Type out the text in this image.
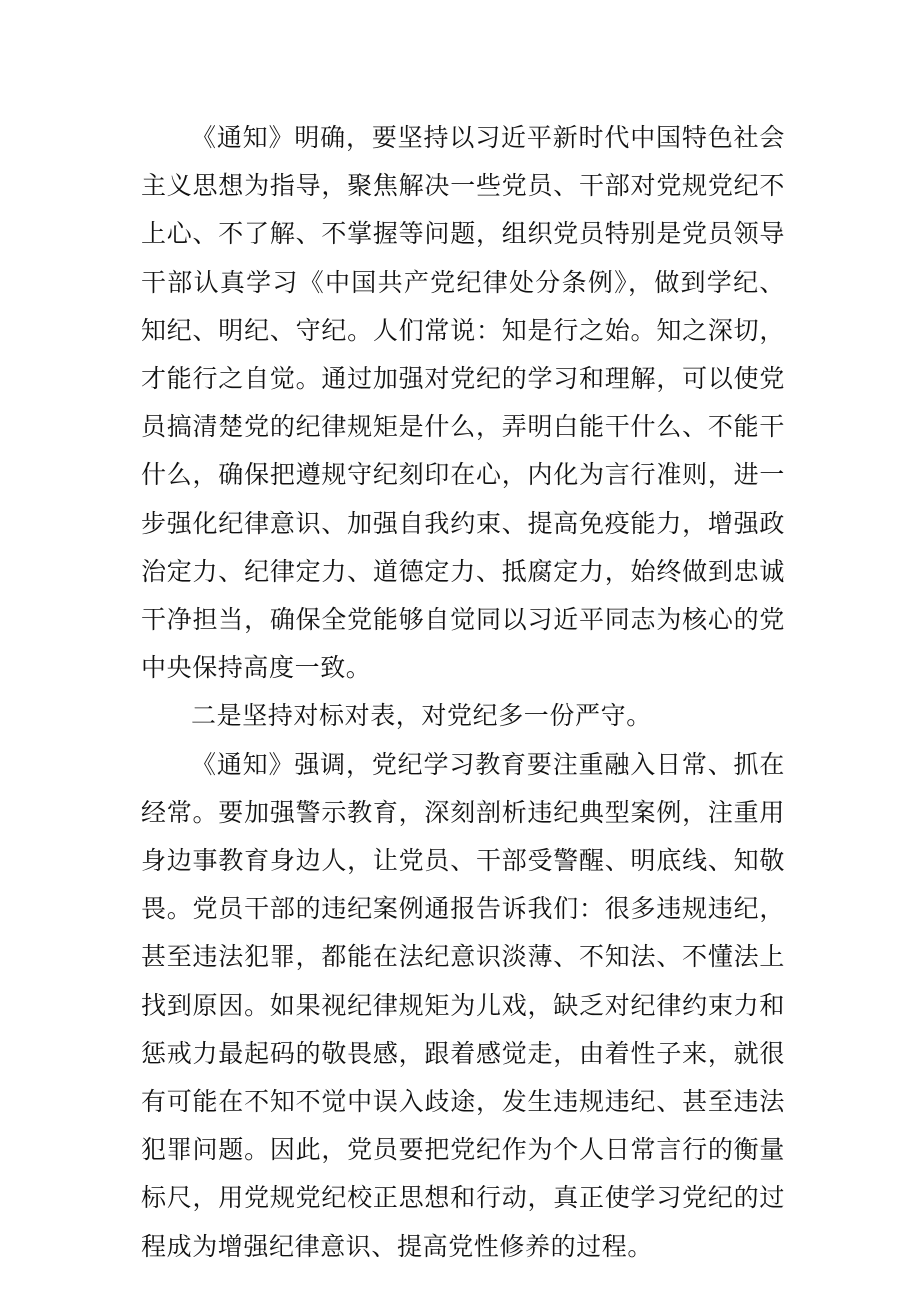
《通知》明确，要坚持以习近平新时代中国特色社会主义思想为指导，聚焦解决一些党员、干部对党规党纪不上心、不了解、不掌握等问题，组织党员特别是党员领导干部认真学习《中国共产党纪律处分条例》，做到学纪、知纪、明纪、守纪。人们常说：知是行之始。知之深切，才能行之自觉。通过加强对党纪的学习和理解，可以使党员搞清楚党的纪律规矩是什么，弄明白能干什么、不能干什么，确保把遵规守纪刻印在心，内化为言行准则，进一步强化纪律意识、加强自我约束、提高免疫能力，增强政治定力、纪律定力、道德定力、抵腐定力，始终做到忠诚干净担当，确保全党能够自觉同以习近平同志为核心的党中央保持高度一致。

二是坚持对标对表，对党纪多一份严守。

《通知》强调，党纪学习教育要注重融入日常、抓在经常。要加强警示教育，深刻剖析违纪典型案例，注重用身边事教育身边人，让党员、干部受警醒、明底线、知敬畏。党员干部的违纪案例通报告诉我们：很多违规违纪，甚至违法犯罪，都能在法纪意识淡薄、不知法、不懂法上找到原因。如果视纪律规矩为儿戏，缺乏对纪律约束力和惩戒力最起码的敬畏感，跟着感觉走，由着性子来，就很有可能在不知不觉中误入歧途，发生违规违纪、甚至违法犯罪问题。因此，党员要把党纪作为个人日常言行的衡量标尺，用党规党纪校正思想和行动，真正使学习党纪的过程成为增强纪律意识、提高党性修养的过程。
